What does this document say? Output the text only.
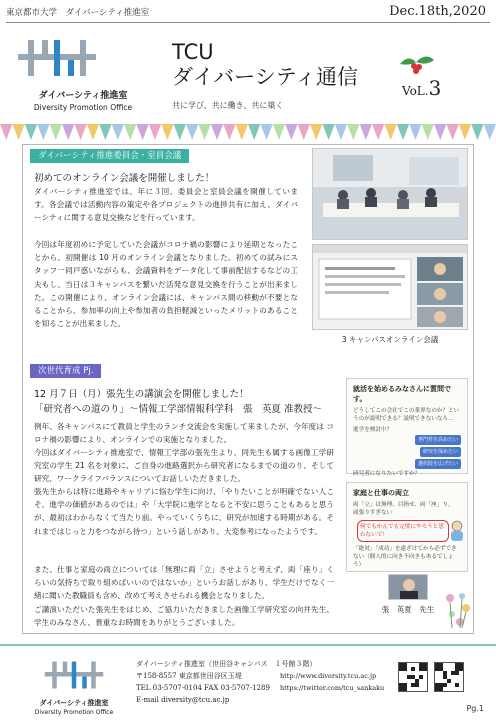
東京都市大学　ダイバーシティ推進室	Dec.18th,2020
ダイバーシティ推進室
Diversity Promotion Office
TCU
ダイバーシティ通信
共に学び、共に働き、共に築く
VoL.3
ダイバーシティ推進委員会・室員会議
初めてのオンライン会議を開催しました！
ダイバーシティ推進室では、年に３回、委員会と室員会議を開催しています。各会議では活動内容の策定や各プロジェクトの進捗共有に加え、ダイバーシティに関する意見交換などを行っています。
今回は年度初めに予定していた会議がコロナ禍の影響により延期となったことから、初開催は 10 月のオンライン会議となりました。初めての試みにスタッフ一同戸惑いながらも、会議資料をデータ化して事前配信するなどの工夫もし、当日は３キャンパスを繋いだ活発な意見交換を行うことが出来ました。この開催により、オンライン会議には、キャンパス間の移動が不要となることから、参加率の向上や参加者の負担軽減といったメリットのあることを知ることが出来ました。
3 キャンパスオンライン会議
次世代育成 Pj.
12 月７日（月）張先生の講演会を開催しました！
「研究者への道のり」～情報工学部情報科学科　張　英夏 准教授～
例年、各キャンパスにて教員と学生のランチ交流会を実施して来ましたが、今年度は コロナ禍の影響により、オンラインでの実施となりました。
今回はダイバーシティ推進室で、情報工学部の張先生より、同先生も属する画像工学研究室の学生 21 名を対象に、ご自身の進路選択から研究者になるまでの道のり、そして研究、ワークライフバランスについてお話しいただきました。
張先生からは特に進路やキャリアに悩む学生に向け、「やりたいことが明確でない人こそ、進学の価値があるのでは」や「大学院に進学となると不安に思うこともあると思うが、最初はわからなくて当たり前。やっていくうちに、研究が加速する時期がある。それまではじっと力をつながら待つ」という話しがあり、大変参考になったようです。
また、仕事と家庭の両立については「無理に両「立」させようと考えず、両「座り」くらいの気持ちで取り組めばいいのではないか」というお話しがあり、学生だけでなく一緒に聞いた教職員も含め、改めて考えさせられる機会となりました。
ご講演いただいた張先生をはじめ、ご協力いただきました画像工学研究室の向井先生、学生のみなさん、貴重なお時間をありがとうございました。
就活を始めるみなさんに質問です。
どうしてこの会社でこの業界なのか？というのが説明できる？説明できないなら…
進学を検討中？
専門性を高めたい
研究を深めたい
選択肢を広げたい
研究者になりたいですか？
家庭と仕事の両立
両「立」は無理、目指せ、両「座」り。
頑張りすぎない
何でもかんでも完璧にやろうと思わないで！
「絶対」「成功」を遠ざけてから必ずできない（個人的に向き不向きもあるでしょう）
張　英夏　先生
ダイバーシティ推進室
Diversity Promotion Office
ダイバーシティ推進室（世田谷キャンパス　１号館３階）
〒158-8557 東京都世田谷区玉堤
TEL 03-5707-0104 FAX 03-5707-1289
E-mail diversity@tcu.ac.jp
http://www.diversity.tcu.ac.jp
https://twitter.com/tcu_sankaku
Pg.1
